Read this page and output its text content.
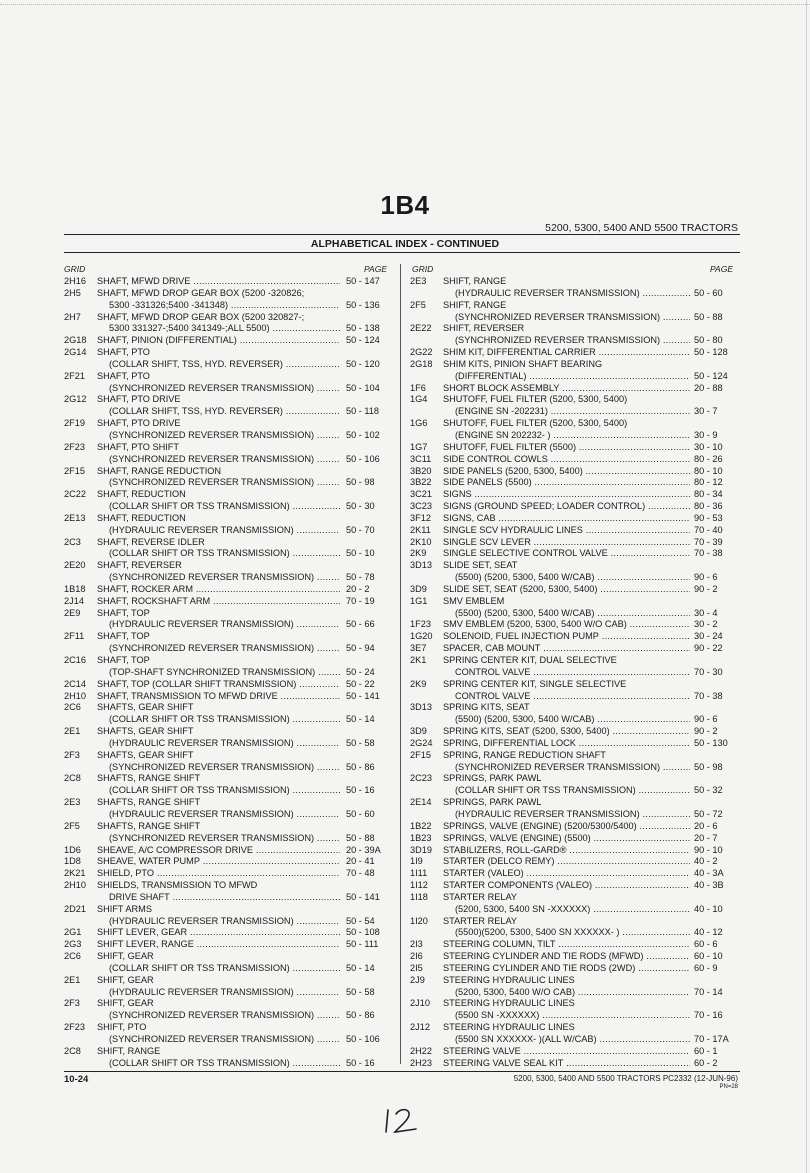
1B4
5200, 5300, 5400 AND 5500 TRACTORS
ALPHABETICAL INDEX - CONTINUED
GRID	PAGE	GRID	PAGE
2H16 SHAFT, MFWD DRIVE .....	50 - 147
2H5 SHAFT, MFWD DROP GEAR BOX (5200 -320826;
5300 -331326;5400 -341348) .....	50 - 136
2H7 SHAFT, MFWD DROP GEAR BOX (5200 320827-;
5300 331327-;5400 341349-;ALL 5500) .....	50 - 138
2G18 SHAFT, PINION (DIFFERENTIAL) .....	50 - 124
2G14 SHAFT, PTO
(COLLAR SHIFT, TSS, HYD. REVERSER) .....	50 - 120
2F21 SHAFT, PTO
(SYNCHRONIZED REVERSER TRANSMISSION) .....	50 - 104
2G12 SHAFT, PTO DRIVE
(COLLAR SHIFT, TSS, HYD. REVERSER) .....	50 - 118
2F19 SHAFT, PTO DRIVE
(SYNCHRONIZED REVERSER TRANSMISSION) .....	50 - 102
2F23 SHAFT, PTO SHIFT
(SYNCHRONIZED REVERSER TRANSMISSION) .....	50 - 106
2F15 SHAFT, RANGE REDUCTION
(SYNCHRONIZED REVERSER TRANSMISSION) .....	50 - 98
2C22 SHAFT, REDUCTION
(COLLAR SHIFT OR TSS TRANSMISSION) .....	50 - 30
2E13 SHAFT, REDUCTION
(HYDRAULIC REVERSER TRANSMISSION) .....	50 - 70
2C3 SHAFT, REVERSE IDLER
(COLLAR SHIFT OR TSS TRANSMISSION) .....	50 - 10
2E20 SHAFT, REVERSER
(SYNCHRONIZED REVERSER TRANSMISSION) .....	50 - 78
1B18 SHAFT, ROCKER ARM .....	20 - 2
2J14 SHAFT, ROCKSHAFT ARM .....	70 - 19
2E9 SHAFT, TOP
(HYDRAULIC REVERSER TRANSMISSION) .....	50 - 66
2F11 SHAFT, TOP
(SYNCHRONIZED REVERSER TRANSMISSION) .....	50 - 94
2C16 SHAFT, TOP
(TOP-SHAFT SYNCHRONIZED TRANSMISSION) .....	50 - 24
2C14 SHAFT, TOP (COLLAR SHIFT TRANSMISSION) .....	50 - 22
2H10 SHAFT, TRANSMISSION TO MFWD DRIVE .....	50 - 141
2C6 SHAFTS, GEAR SHIFT
(COLLAR SHIFT OR TSS TRANSMISSION) .....	50 - 14
2E1 SHAFTS, GEAR SHIFT
(HYDRAULIC REVERSER TRANSMISSION) .....	50 - 58
2F3 SHAFTS, GEAR SHIFT
(SYNCHRONIZED REVERSER TRANSMISSION) .....	50 - 86
2C8 SHAFTS, RANGE SHIFT
(COLLAR SHIFT OR TSS TRANSMISSION) .....	50 - 16
2E3 SHAFTS, RANGE SHIFT
(HYDRAULIC REVERSER TRANSMISSION) .....	50 - 60
2F5 SHAFTS, RANGE SHIFT
(SYNCHRONIZED REVERSER TRANSMISSION) .....	50 - 88
1D6 SHEAVE, A/C COMPRESSOR DRIVE .....	20 - 39A
1D8 SHEAVE, WATER PUMP .....	20 - 41
2K21 SHIELD, PTO .....	70 - 48
2H10 SHIELDS, TRANSMISSION TO MFWD
DRIVE SHAFT .....	50 - 141
2D21 SHIFT ARMS
(HYDRAULIC REVERSER TRANSMISSION) .....	50 - 54
2G1 SHIFT LEVER, GEAR .....	50 - 108
2G3 SHIFT LEVER, RANGE .....	50 - 111
2C6 SHIFT, GEAR
(COLLAR SHIFT OR TSS TRANSMISSION) .....	50 - 14
2E1 SHIFT, GEAR
(HYDRAULIC REVERSER TRANSMISSION) .....	50 - 58
2F3 SHIFT, GEAR
(SYNCHRONIZED REVERSER TRANSMISSION) .....	50 - 86
2F23 SHIFT, PTO
(SYNCHRONIZED REVERSER TRANSMISSION) .....	50 - 106
2C8 SHIFT, RANGE
(COLLAR SHIFT OR TSS TRANSMISSION) .....	50 - 16
2E3 SHIFT, RANGE
(HYDRAULIC REVERSER TRANSMISSION) .....	50 - 60
2F5 SHIFT, RANGE
(SYNCHRONIZED REVERSER TRANSMISSION) .....	50 - 88
2E22 SHIFT, REVERSER
(SYNCHRONIZED REVERSER TRANSMISSION) .....	50 - 80
2G22 SHIM KIT, DIFFERENTIAL CARRIER .....	50 - 128
2G18 SHIM KITS, PINION SHAFT BEARING
(DIFFERENTIAL) .....	50 - 124
1F6 SHORT BLOCK ASSEMBLY .....	20 - 88
1G4 SHUTOFF, FUEL FILTER (5200, 5300, 5400)
(ENGINE SN -202231) .....	30 - 7
1G6 SHUTOFF, FUEL FILTER (5200, 5300, 5400)
(ENGINE SN 202232- ) .....	30 - 9
1G7 SHUTOFF, FUEL FILTER (5500) .....	30 - 10
3C11 SIDE CONTROL COWLS .....	80 - 26
3B20 SIDE PANELS (5200, 5300, 5400) .....	80 - 10
3B22 SIDE PANELS (5500) .....	80 - 12
3C21 SIGNS .....	80 - 34
3C23 SIGNS (GROUND SPEED; LOADER CONTROL) .....	80 - 36
3F12 SIGNS, CAB .....	90 - 53
2K11 SINGLE SCV HYDRAULIC LINES .....	70 - 40
2K10 SINGLE SCV LEVER .....	70 - 39
2K9 SINGLE SELECTIVE CONTROL VALVE .....	70 - 38
3D13 SLIDE SET, SEAT
(5500) (5200, 5300, 5400 W/CAB) .....	90 - 6
3D9 SLIDE SET, SEAT (5200, 5300, 5400) .....	90 - 2
1G1 SMV EMBLEM
(5500) (5200, 5300, 5400 W/CAB) .....	30 - 4
1F23 SMV EMBLEM (5200, 5300, 5400 W/O CAB) .....	30 - 2
1G20 SOLENOID, FUEL INJECTION PUMP .....	30 - 24
3E7 SPACER, CAB MOUNT .....	90 - 22
2K1 SPRING CENTER KIT, DUAL SELECTIVE
CONTROL VALVE .....	70 - 30
2K9 SPRING CENTER KIT, SINGLE SELECTIVE
CONTROL VALVE .....	70 - 38
3D13 SPRING KITS, SEAT
(5500) (5200, 5300, 5400 W/CAB) .....	90 - 6
3D9 SPRING KITS, SEAT (5200, 5300, 5400) .....	90 - 2
2G24 SPRING, DIFFERENTIAL LOCK .....	50 - 130
2F15 SPRING, RANGE REDUCTION SHAFT
(SYNCHRONIZED REVERSER TRANSMISSION) .....	50 - 98
2C23 SPRINGS, PARK PAWL
(COLLAR SHIFT OR TSS TRANSMISSION) .....	50 - 32
2E14 SPRINGS, PARK PAWL
(HYDRAULIC REVERSER TRANSMISSION) .....	50 - 72
1B22 SPRINGS, VALVE (ENGINE) (5200/5300/5400) .....	20 - 6
1B23 SPRINGS, VALVE (ENGINE) (5500) .....	20 - 7
3D19 STABILIZERS, ROLL-GARD® .....	90 - 10
1I9 STARTER (DELCO REMY) .....	40 - 2
1I11 STARTER (VALEO) .....	40 - 3A
1I12 STARTER COMPONENTS (VALEO) .....	40 - 3B
1I18 STARTER RELAY
(5200, 5300, 5400 SN -XXXXXX) .....	40 - 10
1I20 STARTER RELAY
(5500)(5200, 5300, 5400 SN XXXXXX- ) .....	40 - 12
2I3 STEERING COLUMN, TILT .....	60 - 6
2I6 STEERING CYLINDER AND TIE RODS (MFWD) .....	60 - 10
2I5 STEERING CYLINDER AND TIE RODS (2WD) .....	60 - 9
2J9 STEERING HYDRAULIC LINES
(5200, 5300, 5400 W/O CAB) .....	70 - 14
2J10 STEERING HYDRAULIC LINES
(5500 SN -XXXXXX) .....	70 - 16
2J12 STEERING HYDRAULIC LINES
(5500 SN XXXXXX- )(ALL W/CAB) .....	70 - 17A
2H22 STEERING VALVE .....	60 - 1
2H23 STEERING VALVE SEAL KIT .....	60 - 2
10-24	5200, 5300, 5400 AND 5500 TRACTORS PC2332 (12-JUN-96)
PN=28
